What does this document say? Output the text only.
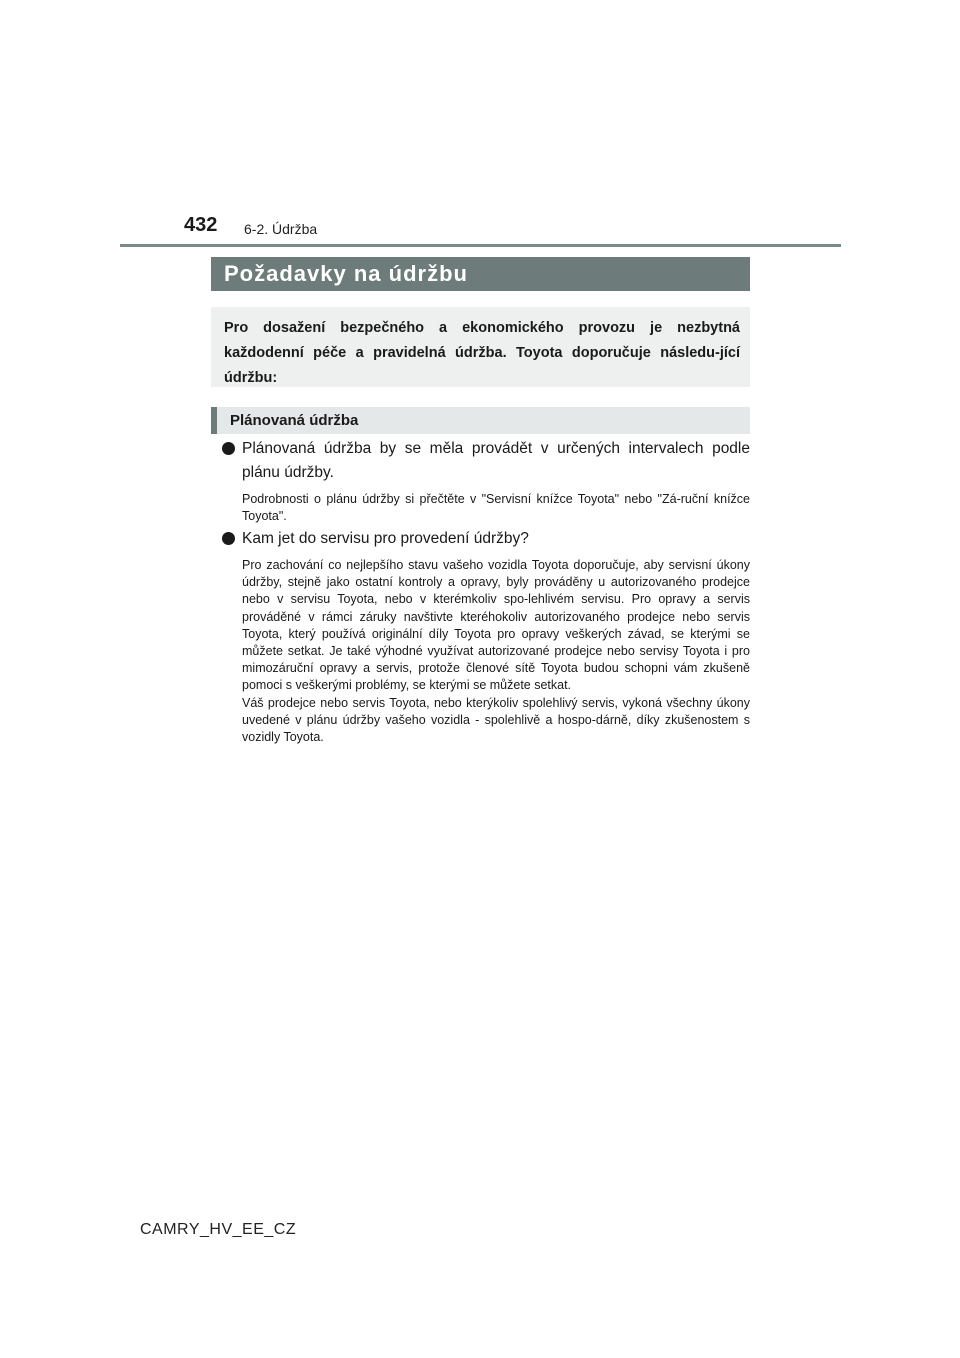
432 6-2. Údržba
Požadavky na údržbu
Pro dosažení bezpečného a ekonomického provozu je nezbytná každodenní péče a pravidelná údržba. Toyota doporučuje následu-jící údržbu:
Plánovaná údržba
Plánovaná údržba by se měla provádět v určených intervalech podle plánu údržby.

Podrobnosti o plánu údržby si přečtěte v "Servisní knížce Toyota" nebo "Zá-ruční knížce Toyota".

Kam jet do servisu pro provedení údržby?

Pro zachování co nejlepšího stavu vašeho vozidla Toyota doporučuje, aby servisní úkony údržby, stejně jako ostatní kontroly a opravy, byly prováděny u autorizovaného prodejce nebo v servisu Toyota, nebo v kterémkoliv spo-lehlivém servisu. Pro opravy a servis prováděné v rámci záruky navštivte kteréhokoliv autorizovaného prodejce nebo servis Toyota, který používá originální díly Toyota pro opravy veškerých závad, se kterými se můžete setkat. Je také výhodné využívat autorizované prodejce nebo servisy Toyota i pro mimozáruční opravy a servis, protože členové sítě Toyota budou schopni vám zkušeně pomoci s veškerými problémy, se kterými se můžete setkat.

Váš prodejce nebo servis Toyota, nebo kterýkoliv spolehlivý servis, vykoná všechny úkony uvedené v plánu údržby vašeho vozidla - spolehlivě a hospo-dárně, díky zkušenostem s vozidly Toyota.

CAMRY_HV_EE_CZ
